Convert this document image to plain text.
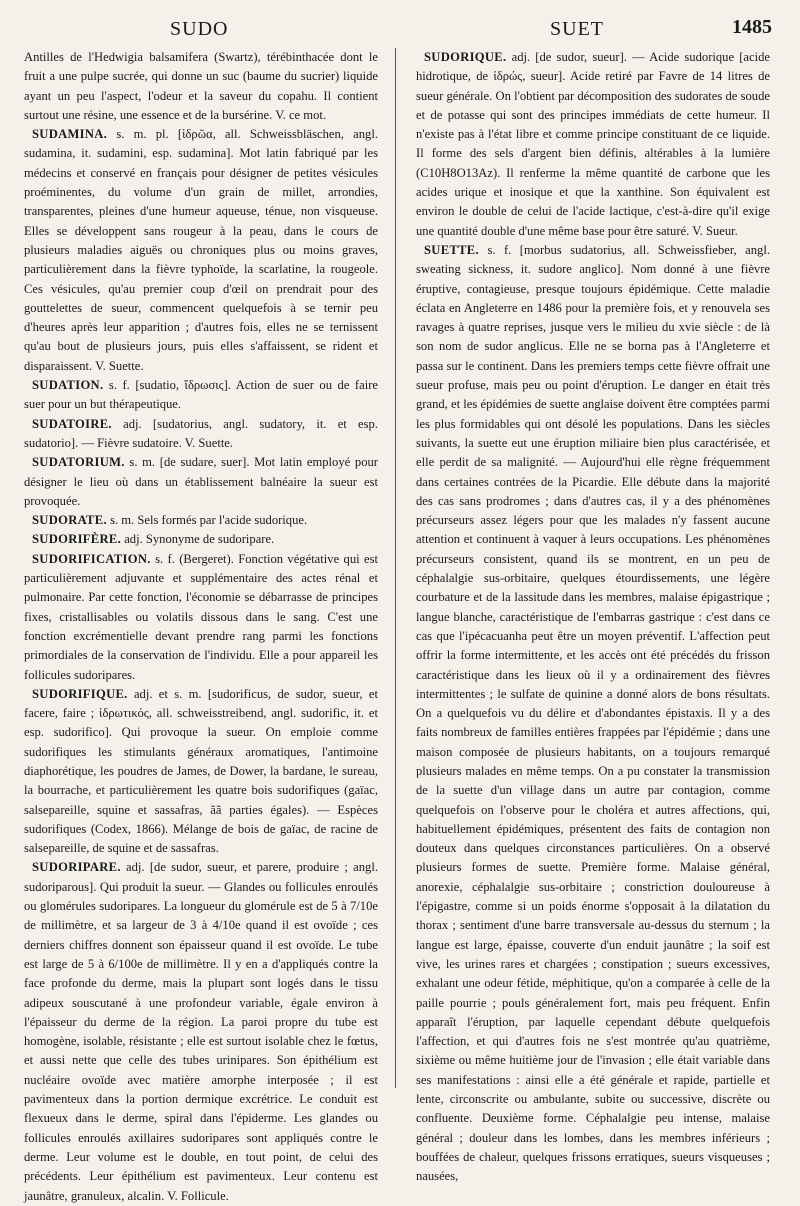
SUDO	SUET	1485

Antilles de l'Hedwigia balsamifera (Swartz), térébinthacée dont le fruit a une pulpe sucrée, qui donne un suc (baume du sucrier) liquide ayant un peu l'aspect, l'odeur et la saveur du copahu. Il contient surtout une résine, une essence et de la bursérine. V. ce mot.

SUDAMINA. s. m. pl. [ἱδρῶα, all. Schweissbläschen, angl. sudamina, it. sudamini, esp. sudamina]. Mot latin fabriqué par les médecins et conservé en français pour désigner de petites vésicules proéminentes, du volume d'un grain de millet, arrondies, transparentes, pleines d'une humeur aqueuse, ténue, non visqueuse. Elles se développent sans rougeur à la peau, dans le cours de plusieurs maladies aiguës ou chroniques plus ou moins graves, particulièrement dans la fièvre typhoïde, la scarlatine, la rougeole. Ces vésicules, qu'au premier coup d'œil on prendrait pour des gouttelettes de sueur, commencent quelquefois à se ternir peu d'heures après leur apparition ; d'autres fois, elles ne se ternissent qu'au bout de plusieurs jours, puis elles s'affaissent, se rident et disparaissent. V. Suette.

SUDATION. s. f. [sudatio, ἵδρωσις]. Action de suer ou de faire suer pour un but thérapeutique.

SUDATOIRE. adj. [sudatorius, angl. sudatory, it. et esp. sudatorio]. — Fièvre sudatoire. V. Suette.

SUDATORIUM. s. m. [de sudare, suer]. Mot latin employé pour désigner le lieu où dans un établissement balnéaire la sueur est provoquée.

SUDORATE. s. m. Sels formés par l'acide sudorique.

SUDORIFÈRE. adj. Synonyme de sudoripare.

SUDORIFICATION. s. f. (Bergeret). Fonction végétative qui est particulièrement adjuvante et supplémentaire des actes rénal et pulmonaire. Par cette fonction, l'économie se débarrasse de principes fixes, cristallisables ou volatils dissous dans le sang. C'est une fonction excrémentielle devant prendre rang parmi les fonctions primordiales de la conservation de l'individu. Elle a pour appareil les follicules sudoripares.

SUDORIFIQUE. adj. et s. m. [sudorificus, de sudor, sueur, et facere, faire ; ἱδρωτικός, all. schweisstreibend, angl. sudorific, it. et esp. sudorifico]. Qui provoque la sueur. On emploie comme sudorifiques les stimulants généraux aromatiques, l'antimoine diaphorétique, les poudres de James, de Dower, la bardane, le sureau, la bourrache, et particulièrement les quatre bois sudorifiques (gaïac, salsepareille, squine et sassafras, ãã parties égales). — Espèces sudorifiques (Codex, 1866). Mélange de bois de gaïac, de racine de salsepareille, de squine et de sassafras.

SUDORIPARE. adj. [de sudor, sueur, et parere, produire ; angl. sudoriparous]. Qui produit la sueur. — Glandes ou follicules enroulés ou glomérules sudoripares. La longueur du glomérule est de 5 à 7/10e de millimètre, et sa largeur de 3 à 4/10e quand il est ovoïde ; ces derniers chiffres donnent son épaisseur quand il est ovoïde. Le tube est large de 5 à 6/100e de millimètre. Il y en a d'appliqués contre la face profonde du derme, mais la plupart sont logés dans le tissu adipeux souscutané à une profondeur variable, égale environ à l'épaisseur du derme de la région. La paroi propre du tube est homogène, isolable, résistante ; elle est surtout isolable chez le fœtus, et aussi nette que celle des tubes urinipares. Son épithélium est nucléaire ovoïde avec matière amorphe interposée ; il est pavimenteux dans la portion dermique excrétrice. Le conduit est flexueux dans le derme, spiral dans l'épiderme. Les glandes ou follicules enroulés axillaires sudoripares sont appliqués contre le derme. Leur volume est le double, en tout point, de celui des précédents. Leur épithélium est pavimenteux. Leur contenu est jaunâtre, granuleux, alcalin. V. Follicule.

SUDORIQUE. adj. [de sudor, sueur]. — Acide sudorique [acide hidrotique, de ἱδρώς, sueur]. Acide retiré par Favre de 14 litres de sueur générale. On l'obtient par décomposition des sudorates de soude et de potasse qui sont des principes immédiats de cette humeur. Il n'existe pas à l'état libre et comme principe constituant de ce liquide. Il forme des sels d'argent bien définis, altérables à la lumière (C10H8O13Az). Il renferme la même quantité de carbone que les acides urique et inosique et que la xanthine. Son équivalent est environ le double de celui de l'acide lactique, c'est-à-dire qu'il exige une quantité double d'une même base pour être saturé. V. Sueur.

SUETTE. s. f. [morbus sudatorius, all. Schweissfieber, angl. sweating sickness, it. sudore anglico]. Nom donné à une fièvre éruptive, contagieuse, presque toujours épidémique. Cette maladie éclata en Angleterre en 1486 pour la première fois, et y renouvela ses ravages à quatre reprises, jusque vers le milieu du xvie siècle : de là son nom de sudor anglicus. Elle ne se borna pas à l'Angleterre et passa sur le continent. Dans les premiers temps cette fièvre offrait une sueur profuse, mais peu ou point d'éruption. Le danger en était très grand, et les épidémies de suette anglaise doivent être comptées parmi les plus formidables qui ont désolé les populations. Dans les siècles suivants, la suette eut une éruption miliaire bien plus caractérisée, et elle perdit de sa malignité. — Aujourd'hui elle règne fréquemment dans certaines contrées de la Picardie. Elle débute dans la majorité des cas sans prodromes ; dans d'autres cas, il y a des phénomènes précurseurs assez légers pour que les malades n'y fassent aucune attention et continuent à vaquer à leurs occupations. Les phénomènes précurseurs consistent, quand ils se montrent, en un peu de céphalalgie sus-orbitaire, quelques étourdissements, une légère courbature et de la lassitude dans les membres, malaise épigastrique ; langue blanche, caractéristique de l'embarras gastrique : c'est dans ce cas que l'ipécacuanha peut être un moyen préventif. L'affection peut offrir la forme intermittente, et les accès ont été précédés du frisson caractéristique dans les lieux où il y a ordinairement des fièvres intermittentes ; le sulfate de quinine a donné alors de bons résultats. On a quelquefois vu du délire et d'abondantes épistaxis. Il y a des faits nombreux de familles entières frappées par l'épidémie ; dans une maison composée de plusieurs habitants, on a toujours remarqué plusieurs malades en même temps. On a pu constater la transmission de la suette d'un village dans un autre par contagion, comme quelquefois on l'observe pour le choléra et autres affections, qui, habituellement épidémiques, présentent des faits de contagion non douteux dans quelques circonstances particulières. On a observé plusieurs formes de suette. Première forme. Malaise général, anorexie, céphalalgie sus-orbitaire ; constriction douloureuse à l'épigastre, comme si un poids énorme s'opposait à la dilatation du thorax ; sentiment d'une barre transversale au-dessus du sternum ; la langue est large, épaisse, couverte d'un enduit jaunâtre ; la soif est vive, les urines rares et chargées ; constipation ; sueurs excessives, exhalant une odeur fétide, méphitique, qu'on a comparée à celle de la paille pourrie ; pouls généralement fort, mais peu fréquent. Enfin apparaît l'éruption, par laquelle cependant débute quelquefois l'affection, et qui d'autres fois ne s'est montrée qu'au quatrième, sixième ou même huitième jour de l'invasion ; elle était variable dans ses manifestations : ainsi elle a été générale et rapide, partielle et lente, circonscrite ou ambulante, subite ou successive, discrète ou confluente. Deuxième forme. Céphalalgie peu intense, malaise général ; douleur dans les lombes, dans les membres inférieurs ; bouffées de chaleur, quelques frissons erratiques, sueurs visqueuses ; nausées,
